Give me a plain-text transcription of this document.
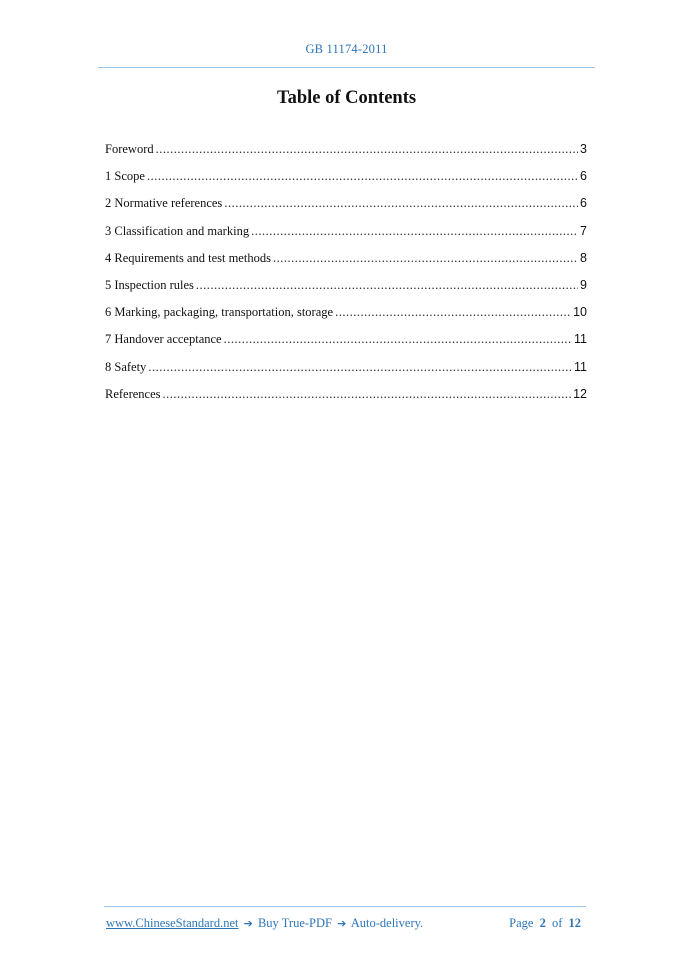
GB 11174-2011
Table of Contents
Foreword .....	3
1 Scope .....	6
2 Normative references .....	6
3 Classification and marking .....	7
4 Requirements and test methods .....	8
5 Inspection rules .....	9
6 Marking, packaging, transportation, storage .....	10
7 Handover acceptance .....	11
8 Safety .....	11
References .....	12
www.ChineseStandard.net ➔ Buy True-PDF ➔ Auto-delivery.	Page 2 of 12
